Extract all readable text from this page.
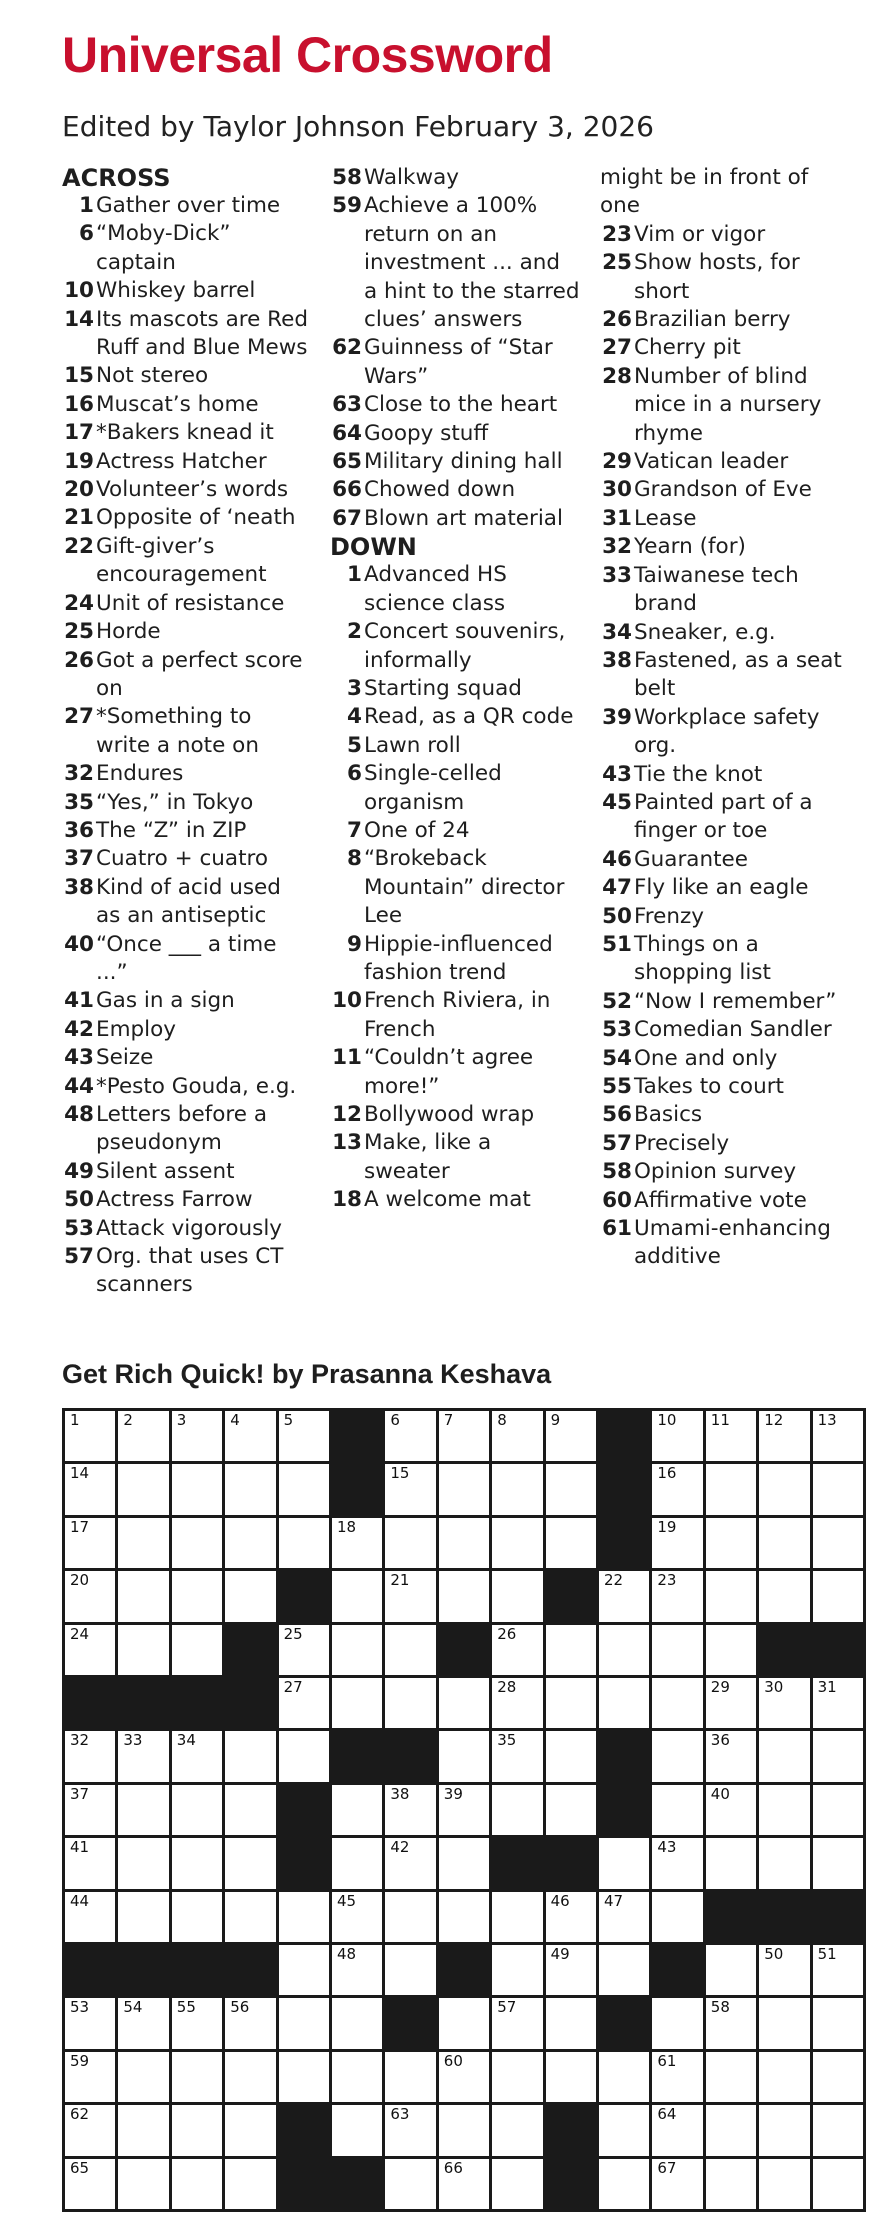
Universal Crossword
Edited by Taylor Johnson February 3, 2026
ACROSS
1 Gather over time
6 “Moby-Dick” captain
10 Whiskey barrel
14 Its mascots are Red Ruff and Blue Mews
15 Not stereo
16 Muscat’s home
17 *Bakers knead it
19 Actress Hatcher
20 Volunteer’s words
21 Opposite of ‘neath
22 Gift-giver’s encouragement
24 Unit of resistance
25 Horde
26 Got a perfect score on
27 *Something to write a note on
32 Endures
35 “Yes,” in Tokyo
36 The “Z” in ZIP
37 Cuatro + cuatro
38 Kind of acid used as an antiseptic
40 “Once ___ a time ...”
41 Gas in a sign
42 Employ
43 Seize
44 *Pesto Gouda, e.g.
48 Letters before a pseudonym
49 Silent assent
50 Actress Farrow
53 Attack vigorously
57 Org. that uses CT scanners
58 Walkway
59 Achieve a 100% return on an investment ... and a hint to the starred clues’ answers
62 Guinness of “Star Wars”
63 Close to the heart
64 Goopy stuff
65 Military dining hall
66 Chowed down
67 Blown art material
DOWN
1 Advanced HS science class
2 Concert souvenirs, informally
3 Starting squad
4 Read, as a QR code
5 Lawn roll
6 Single-celled organism
7 One of 24
8 “Brokeback Mountain” director Lee
9 Hippie-influenced fashion trend
10 French Riviera, in French
11 “Couldn’t agree more!”
12 Bollywood wrap
13 Make, like a sweater
18 A welcome mat
might be in front of one
23 Vim or vigor
25 Show hosts, for short
26 Brazilian berry
27 Cherry pit
28 Number of blind mice in a nursery rhyme
29 Vatican leader
30 Grandson of Eve
31 Lease
32 Yearn (for)
33 Taiwanese tech brand
34 Sneaker, e.g.
38 Fastened, as a seat belt
39 Workplace safety org.
43 Tie the knot
45 Painted part of a finger or toe
46 Guarantee
47 Fly like an eagle
50 Frenzy
51 Things on a shopping list
52 “Now I remember”
53 Comedian Sandler
54 One and only
55 Takes to court
56 Basics
57 Precisely
58 Opinion survey
60 Affirmative vote
61 Umami-enhancing additive
Get Rich Quick! by Prasanna Keshava
1	2	3	4	5	6	7	8	9	10 11 12 13
14	15	16
17	18	19
20	21	22 23
24	25	26
27	28	29 30 31
32 33 34	35	36
37	38 39	40
41	42	43
44	45	46 47
48	49	50 51
53 54 55 56	57	58
59	60	61
62	63	64
65	66	67
